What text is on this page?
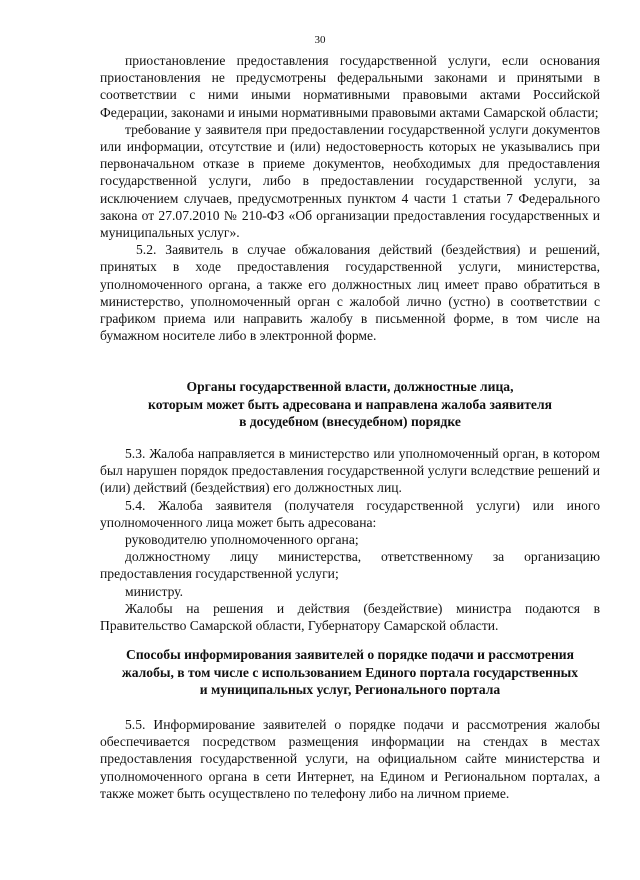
30

приостановление предоставления государственной услуги, если основания приостановления не предусмотрены федеральными законами и принятыми в соответствии с ними иными нормативными правовыми актами Российской Федерации, законами и иными нормативными правовыми актами Самарской области;

требование у заявителя при предоставлении государственной услуги документов или информации, отсутствие и (или) недостоверность которых не указывались при первоначальном отказе в приеме документов, необходимых для предоставления государственной услуги, либо в предоставлении государственной услуги, за исключением случаев, предусмотренных пунктом 4 части 1 статьи 7 Федерального закона от 27.07.2010 № 210-ФЗ «Об организации предоставления государственных и муниципальных услуг».

5.2. Заявитель в случае обжалования действий (бездействия) и решений, принятых в ходе предоставления государственной услуги, министерства, уполномоченного органа, а также его должностных лиц имеет право обратиться в министерство, уполномоченный орган с жалобой лично (устно) в соответствии с графиком приема или направить жалобу в письменной форме, в том числе на бумажном носителе либо в электронной форме.

Органы государственной власти, должностные лица,
которым может быть адресована и направлена жалоба заявителя
в досудебном (внесудебном) порядке

5.3. Жалоба направляется в министерство или уполномоченный орган, в котором был нарушен порядок предоставления государственной услуги вследствие решений и (или) действий (бездействия) его должностных лиц.

5.4. Жалоба заявителя (получателя государственной услуги) или иного уполномоченного лица может быть адресована:

руководителю уполномоченного органа;

должностному лицу министерства, ответственному за организацию предоставления государственной услуги;

министру.

Жалобы на решения и действия (бездействие) министра подаются в Правительство Самарской области, Губернатору Самарской области.

Способы информирования заявителей о порядке подачи и рассмотрения
жалобы, в том числе с использованием Единого портала государственных
и муниципальных услуг, Регионального портала

5.5. Информирование заявителей о порядке подачи и рассмотрения жалобы обеспечивается посредством размещения информации на стендах в местах предоставления государственной услуги, на официальном сайте министерства и уполномоченного органа в сети Интернет, на Едином и Региональном порталах, а также может быть осуществлено по телефону либо на личном приеме.
